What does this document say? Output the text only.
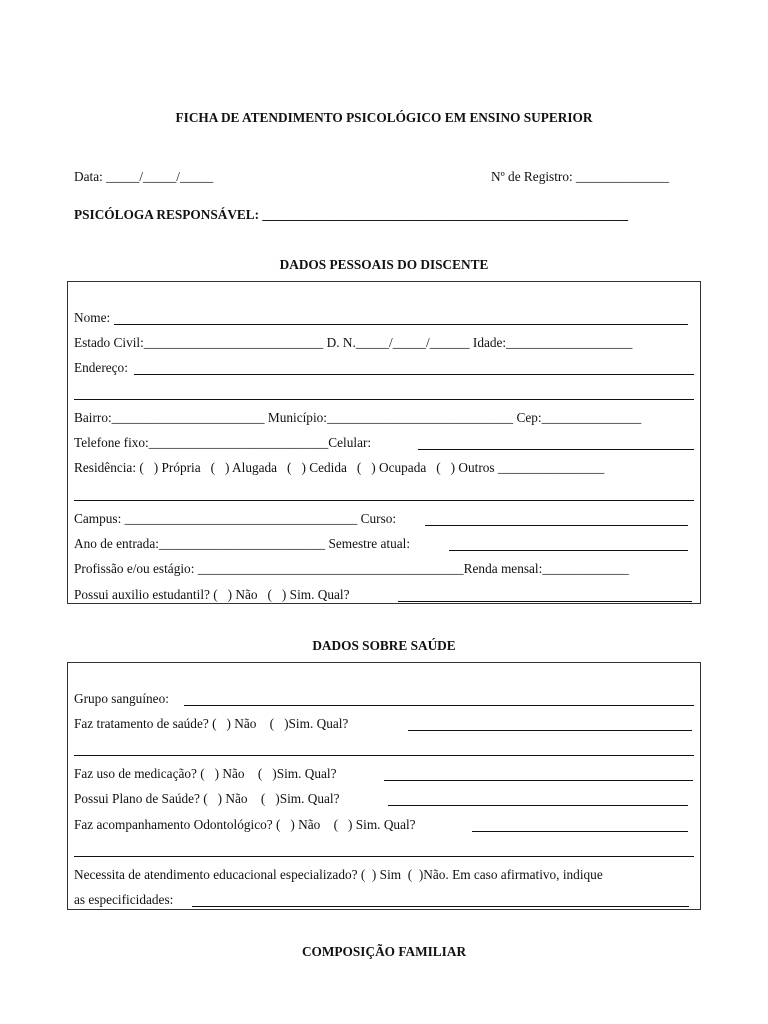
FICHA DE ATENDIMENTO PSICOLÓGICO EM ENSINO SUPERIOR
Data: _____/_____/_____	Nº de Registro: ______________
PSICÓLOGA RESPONSÁVEL: _______________________________________________________
DADOS PESSOAIS DO DISCENTE
Nome:
Estado Civil:___________________________ D. N._____/_____/______ Idade:___________________
Endereço:
Bairro:_______________________ Município:____________________________ Cep:_______________
Telefone fixo:___________________________Celular:
Residência: (   ) Própria   (   ) Alugada   (   ) Cedida   (   ) Ocupada   (   ) Outros ________________
Campus: ___________________________________ Curso:
Ano de entrada:_________________________ Semestre atual:
Profissão e/ou estágio: ________________________________________Renda mensal:_____________
Possui auxilio estudantil? (   ) Não   (   ) Sim. Qual?
DADOS SOBRE SAÚDE
Grupo sanguíneo:
Faz tratamento de saúde? (   ) Não    (   )Sim. Qual?
Faz uso de medicação? (   ) Não    (   )Sim. Qual?
Possui Plano de Saúde? (   ) Não    (   )Sim. Qual?
Faz acompanhamento Odontológico? (   ) Não    (   ) Sim. Qual?
Necessita de atendimento educacional especializado? (  ) Sim  (  )Não. Em caso afirmativo, indique
as especificidades:
COMPOSIÇÃO FAMILIAR
